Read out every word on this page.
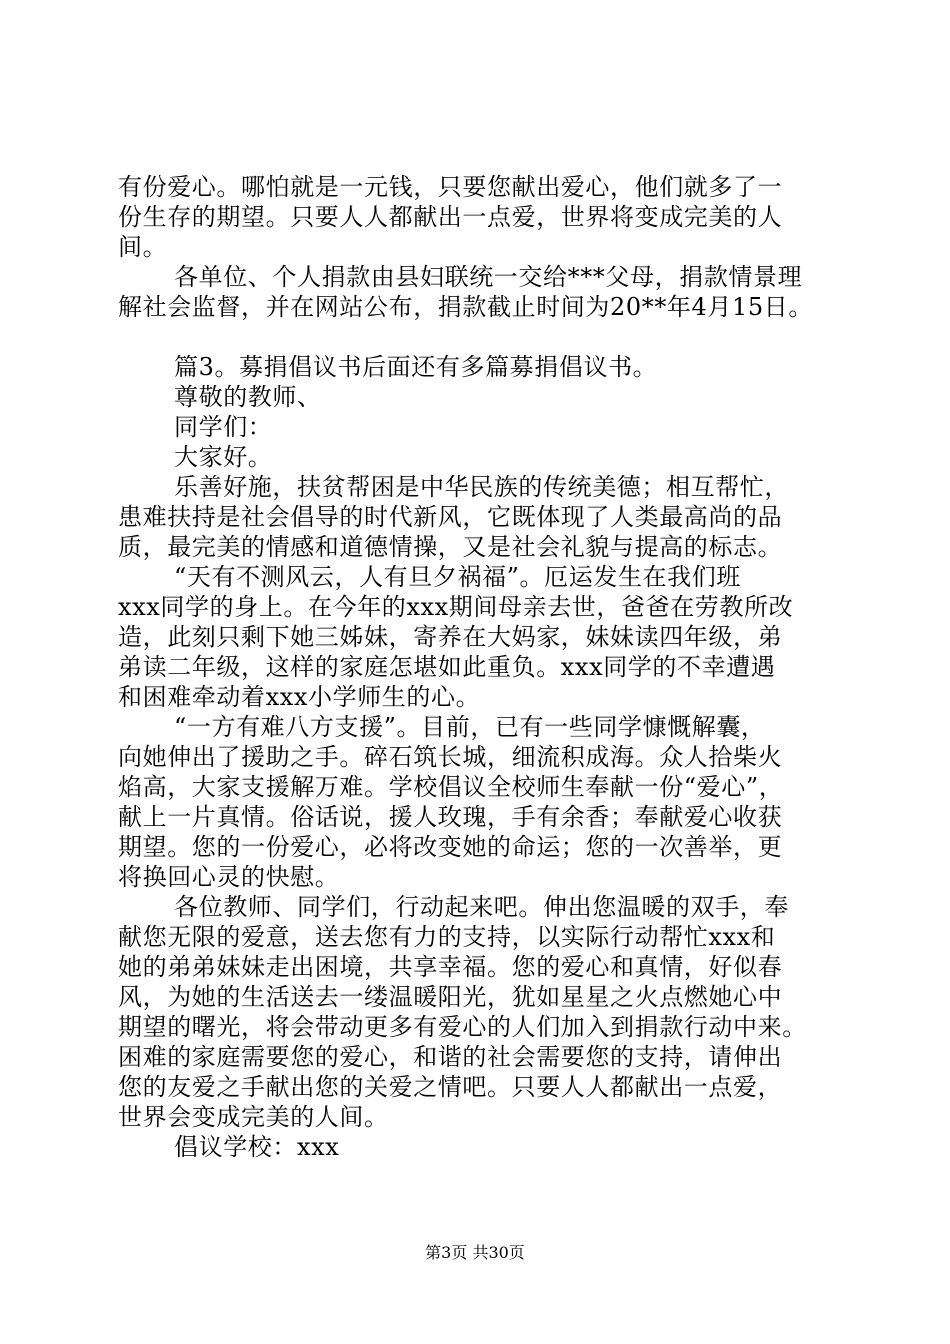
有份爱心。哪怕就是一元钱，只要您献出爱心，他们就多了一
份生存的期望。只要人人都献出一点爱，世界将变成完美的人
间。
各单位、个人捐款由县妇联统一交给***父母，捐款情景理
解社会监督，并在网站公布，捐款截止时间为20**年4月15日。
篇3。募捐倡议书后面还有多篇募捐倡议书。
尊敬的教师、
同学们：
大家好。
乐善好施，扶贫帮困是中华民族的传统美德；相互帮忙，
患难扶持是社会倡导的时代新风，它既体现了人类最高尚的品
质，最完美的情感和道德情操，又是社会礼貌与提高的标志。
“天有不测风云，人有旦夕祸福”。厄运发生在我们班
xxx同学的身上。在今年的xxx期间母亲去世，爸爸在劳教所改
造，此刻只剩下她三姊妹，寄养在大妈家，妹妹读四年级，弟
弟读二年级，这样的家庭怎堪如此重负。xxx同学的不幸遭遇
和困难牵动着xxx小学师生的心。
“一方有难八方支援”。目前，已有一些同学慷慨解囊，
向她伸出了援助之手。碎石筑长城，细流积成海。众人拾柴火
焰高，大家支援解万难。学校倡议全校师生奉献一份“爱心”，
献上一片真情。俗话说，援人玫瑰，手有余香；奉献爱心收获
期望。您的一份爱心，必将改变她的命运；您的一次善举，更
将换回心灵的快慰。
各位教师、同学们，行动起来吧。伸出您温暖的双手，奉
献您无限的爱意，送去您有力的支持，以实际行动帮忙xxx和
她的弟弟妹妹走出困境，共享幸福。您的爱心和真情，好似春
风，为她的生活送去一缕温暖阳光，犹如星星之火点燃她心中
期望的曙光，将会带动更多有爱心的人们加入到捐款行动中来。
困难的家庭需要您的爱心，和谐的社会需要您的支持，请伸出
您的友爱之手献出您的关爱之情吧。只要人人都献出一点爱，
世界会变成完美的人间。
倡议学校：xxx
第3页 共30页
